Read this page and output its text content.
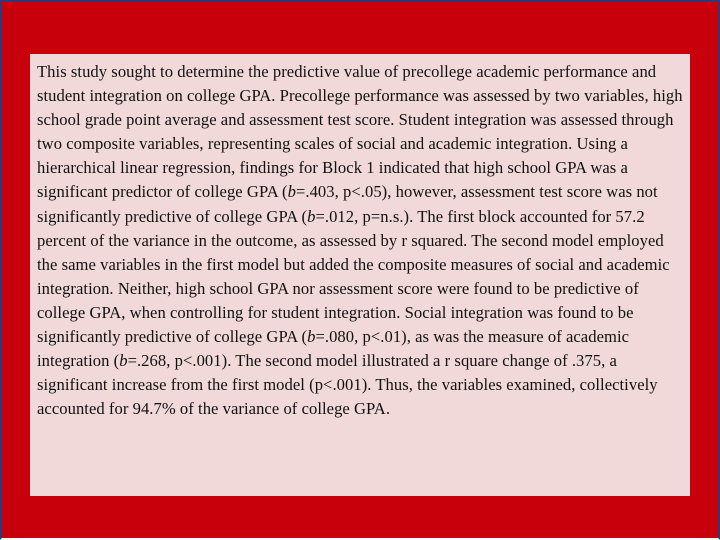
This study sought to determine the predictive value of precollege academic performance and student integration on college GPA. Precollege performance was assessed by two variables, high school grade point average and assessment test score. Student integration was assessed through two composite variables, representing scales of social and academic integration. Using a hierarchical linear regression, findings for Block 1 indicated that high school GPA was a significant predictor of college GPA (b=.403, p<.05), however, assessment test score was not significantly predictive of college GPA (b=.012, p=n.s.). The first block accounted for 57.2 percent of the variance in the outcome, as assessed by r squared. The second model employed the same variables in the first model but added the composite measures of social and academic integration. Neither, high school GPA nor assessment score were found to be predictive of college GPA, when controlling for student integration. Social integration was found to be significantly predictive of college GPA (b=.080, p<.01), as was the measure of academic integration (b=.268, p<.001). The second model illustrated a r square change of .375, a significant increase from the first model (p<.001). Thus, the variables examined, collectively accounted for 94.7% of the variance of college GPA.
